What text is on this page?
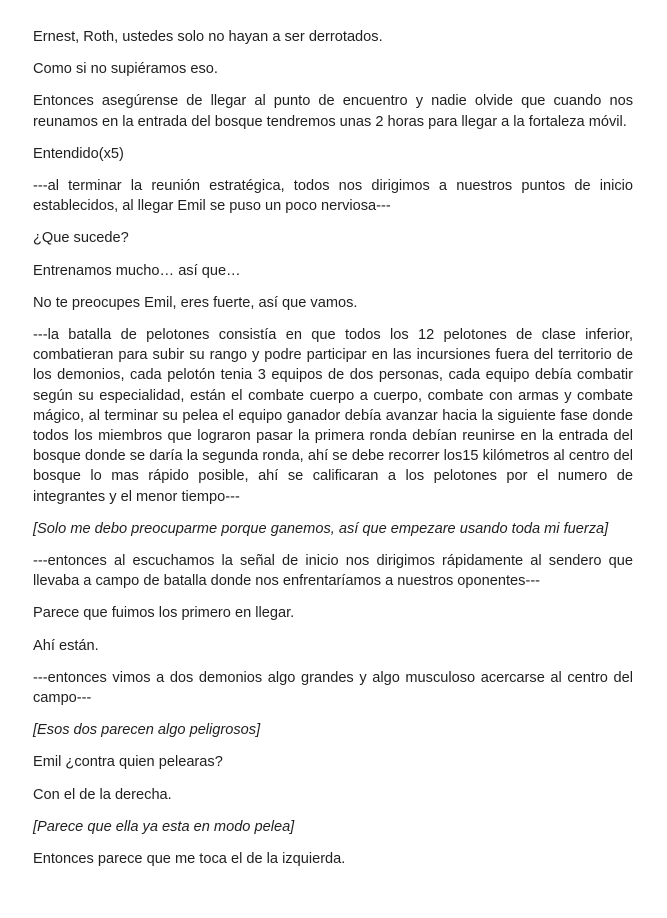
Ernest, Roth, ustedes solo no hayan a ser derrotados.

Como si no supiéramos eso.

Entonces asegúrense de llegar al punto de encuentro y nadie olvide que cuando nos reunamos en la entrada del bosque tendremos unas 2 horas para llegar a la fortaleza móvil.

Entendido(x5)

---al terminar la reunión estratégica, todos nos dirigimos a nuestros puntos de inicio establecidos, al llegar Emil se puso un poco nerviosa---

¿Que sucede?

Entrenamos mucho… así que…

No te preocupes Emil, eres fuerte, así que vamos.

---la batalla de pelotones consistía en que todos los 12 pelotones de clase inferior, combatieran para subir su rango y podre participar en las incursiones fuera del territorio de los demonios, cada pelotón tenia 3 equipos de dos personas, cada equipo debía combatir según su especialidad, están el combate cuerpo a cuerpo, combate con armas y combate mágico, al terminar su pelea el equipo ganador debía avanzar hacia la siguiente fase donde todos los miembros que lograron pasar la primera ronda debían reunirse en la entrada del bosque donde se daría la segunda ronda, ahí se debe recorrer los15 kilómetros al centro del bosque lo mas rápido posible, ahí se calificaran a los pelotones por el numero de integrantes y el menor tiempo---

[Solo me debo preocuparme porque ganemos, así que empezare usando toda mi fuerza]

---entonces al escuchamos la señal de inicio nos dirigimos rápidamente al sendero que llevaba a campo de batalla donde nos enfrentaríamos a nuestros oponentes---

Parece que fuimos los primero en llegar.

Ahí están.

---entonces vimos a dos demonios algo grandes y algo musculoso acercarse al centro del campo---

[Esos dos parecen algo peligrosos]

Emil ¿contra quien pelearas?

Con el de la derecha.

[Parece que ella ya esta en modo pelea]

Entonces parece que me toca el de la izquierda.
